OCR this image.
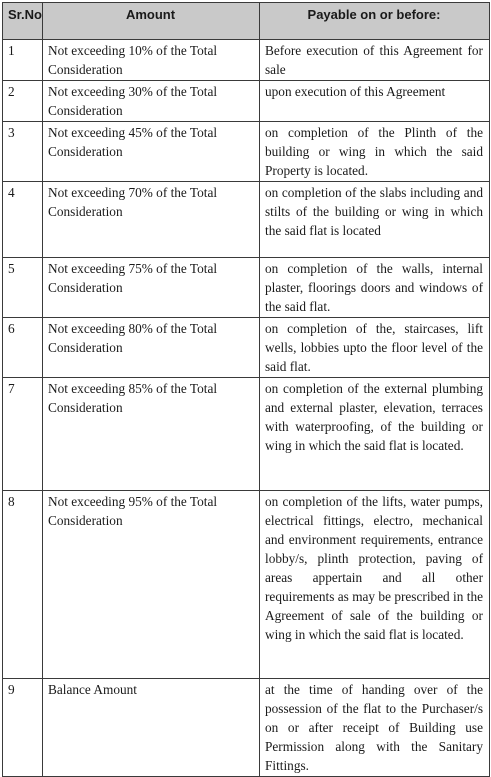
Sr.No	Amount	Payable on or before:
1	Not exceeding 10% of the Total Consideration	Before execution of this Agreement for sale
2	Not exceeding 30% of the Total Consideration	upon execution of this Agreement
3	Not exceeding 45% of the Total Consideration	on completion of the Plinth of the building or wing in which the said Property is located.
4	Not exceeding 70% of the Total Consideration	on completion of the slabs including and stilts of the building or wing in which the said flat is located
5	Not exceeding 75% of the Total Consideration	on completion of the walls, internal plaster, floorings doors and windows of the said flat.
6	Not exceeding 80% of the Total Consideration	on completion of the, staircases, lift wells, lobbies upto the floor level of the said flat.
7	Not exceeding 85% of the Total Consideration	on completion of the external plumbing and external plaster, elevation, terraces with waterproofing, of the building or wing in which the said flat is located.
8	Not exceeding 95% of the Total Consideration	on completion of the lifts, water pumps, electrical fittings, electro, mechanical and environment requirements, entrance lobby/s, plinth protection, paving of areas appertain and all other requirements as may be prescribed in the Agreement of sale of the building or wing in which the said flat is located.
9	Balance Amount	at the time of handing over of the possession of the flat to the Purchaser/s on or after receipt of Building use Permission along with the Sanitary Fittings.
